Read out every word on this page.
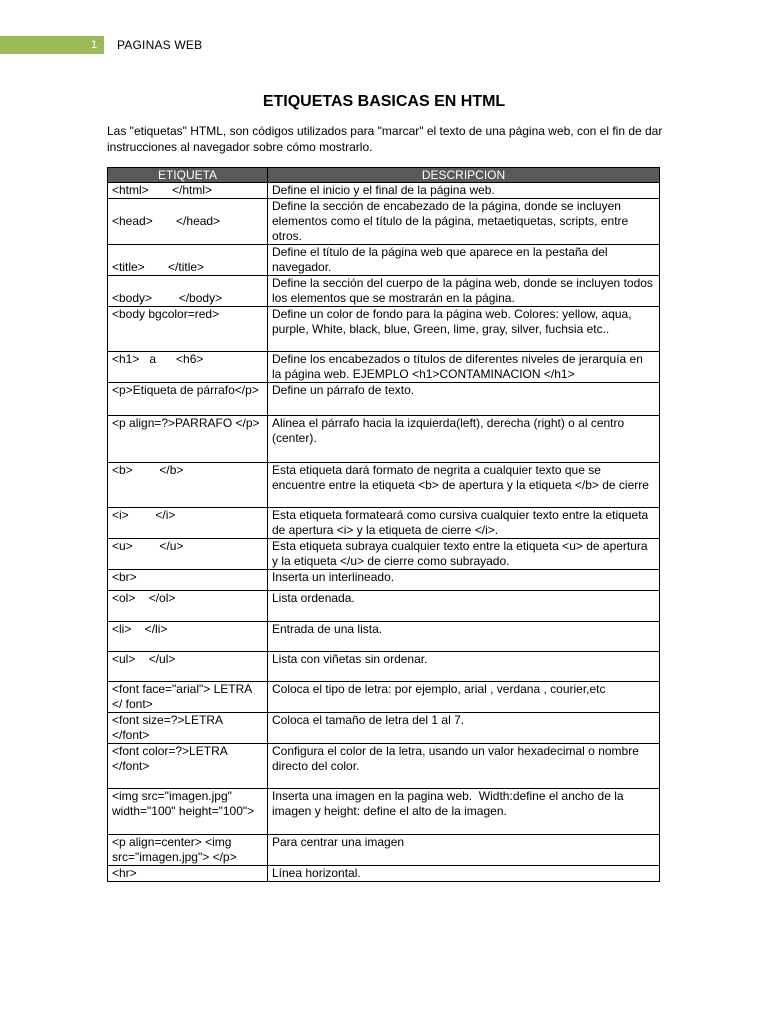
1 PAGINAS WEB
ETIQUETAS BASICAS EN HTML

Las "etiquetas" HTML, son códigos utilizados para "marcar" el texto de una página web, con el fin de dar instrucciones al navegador sobre cómo mostrarlo.

ETIQUETA	DESCRIPCION
<html>       </html>	Define el inicio y el final de la página web.
<head>       </head>	Define la sección de encabezado de la página, donde se incluyen elementos como el título de la página, metaetiquetas, scripts, entre otros.
<title>       </title>	Define el título de la página web que aparece en la pestaña del navegador.
<body>        </body>	Define la sección del cuerpo de la página web, donde se incluyen todos los elementos que se mostrarán en la página.
<body bgcolor=red>	Define un color de fondo para la página web. Colores: yellow, aqua, purple, White, black, blue, Green, lime, gray, silver, fuchsia etc..
<h1>   a      <h6>	Define los encabezados o títulos de diferentes niveles de jerarquía en la página web. EJEMPLO <h1>CONTAMINACION </h1>
<p>Etiqueta de párrafo</p>	Define un párrafo de texto.
<p align=?>PARRAFO </p>	Alinea el párrafo hacia la izquierda(left), derecha (right) o al centro (center).
<b>        </b>	Esta etiqueta dará formato de negrita a cualquier texto que se encuentre entre la etiqueta <b> de apertura y la etiqueta </b> de cierre
<i>        </i>	Esta etiqueta formateará como cursiva cualquier texto entre la etiqueta de apertura <i> y la etiqueta de cierre </i>.
<u>        </u>	Esta etiqueta subraya cualquier texto entre la etiqueta <u> de apertura y la etiqueta </u> de cierre como subrayado.
<br>	Inserta un interlineado.
<ol>    </ol>	Lista ordenada.
<li>    </li>	Entrada de una lista.
<ul>    </ul>	Lista con viñetas sin ordenar.
<font face="arial"> LETRA </ font>	Coloca el tipo de letra: por ejemplo, arial , verdana , courier,etc
<font size=?>LETRA </font>	Coloca el tamaño de letra del 1 al 7.
<font color=?>LETRA </font>	Configura el color de la letra, usando un valor hexadecimal o nombre directo del color.
<img src="imagen.jpg" width="100" height="100">	Inserta una imagen en la pagina web.  Width:define el ancho de la imagen y height: define el alto de la imagen.
<p align=center> <img src="imagen.jpg"> </p>	Para centrar una imagen
<hr>	Línea horizontal.
